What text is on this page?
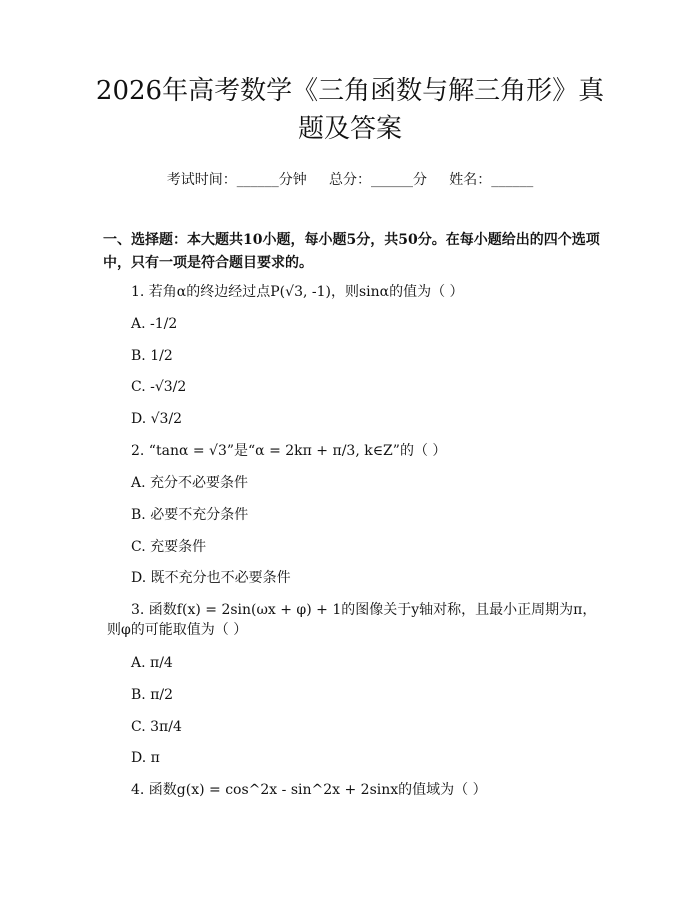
2026年高考数学《三角函数与解三角形》真题及答案
考试时间：______分钟     总分：______分     姓名：______

一、选择题：本大题共10小题，每小题5分，共50分。在每小题给出的四个选项中，只有一项是符合题目要求的。

1. 若角α的终边经过点P(√3, -1)，则sinα的值为（ ）
A. -1/2
B. 1/2
C. -√3/2
D. √3/2
2. “tanα = √3”是“α = 2kπ + π/3, k∈Z”的（ ）
A. 充分不必要条件
B. 必要不充分条件
C. 充要条件
D. 既不充分也不必要条件

3. 函数f(x) = 2sin(ωx + φ) + 1的图像关于y轴对称，且最小正周期为π，则φ的可能取值为（ ）

A. π/4
B. π/2
C. 3π/4
D. π
4. 函数g(x) = cos^2x - sin^2x + 2sinx的值域为（ ）
